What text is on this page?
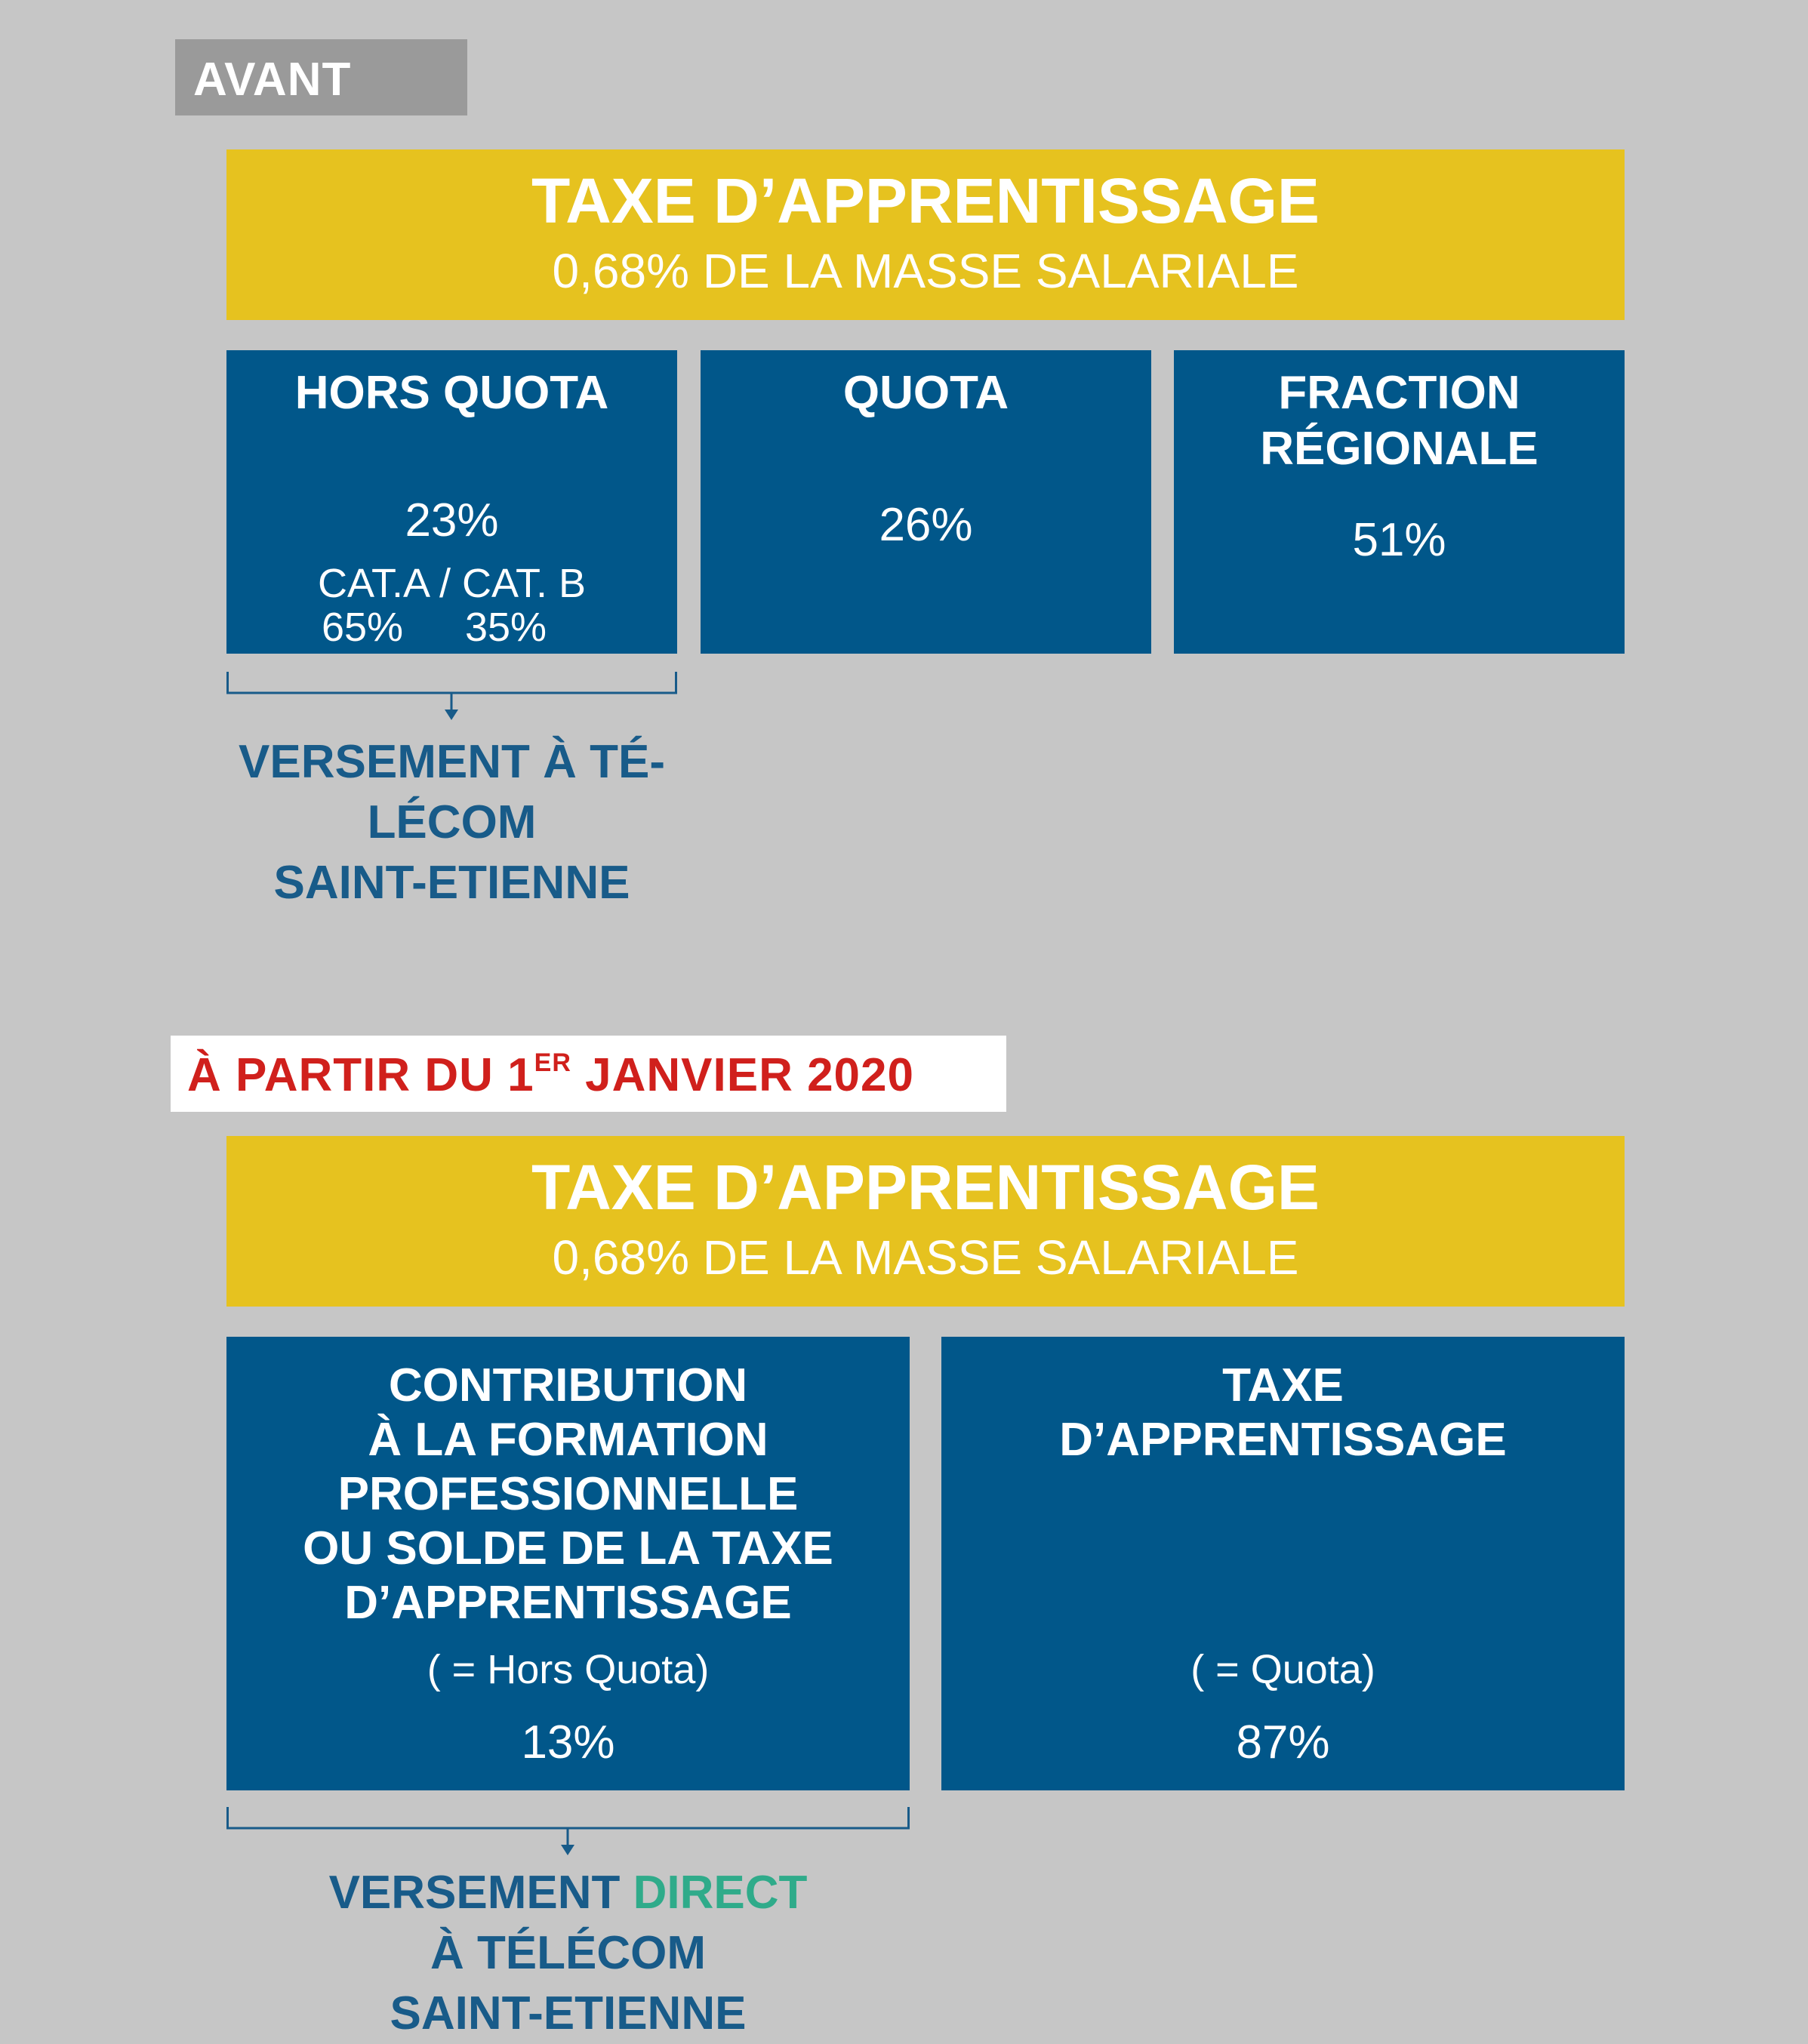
AVANT
TAXE D’APPRENTISSAGE
0,68% DE LA MASSE SALARIALE
HORS QUOTA
23%
CAT.A / CAT. B
65% 35%
QUOTA
26%
FRACTION
RÉGIONALE
51%
VERSEMENT À TÉ-
LÉCOM
SAINT-ETIENNE
À PARTIR DU 1ER JANVIER 2020
TAXE D’APPRENTISSAGE
0,68% DE LA MASSE SALARIALE
CONTRIBUTION
À LA FORMATION
PROFESSIONNELLE
OU SOLDE DE LA TAXE
D’APPRENTISSAGE
( = Hors Quota)
13%
TAXE
D’APPRENTISSAGE
( = Quota)
87%
VERSEMENT DIRECT
À TÉLÉCOM
SAINT-ETIENNE
